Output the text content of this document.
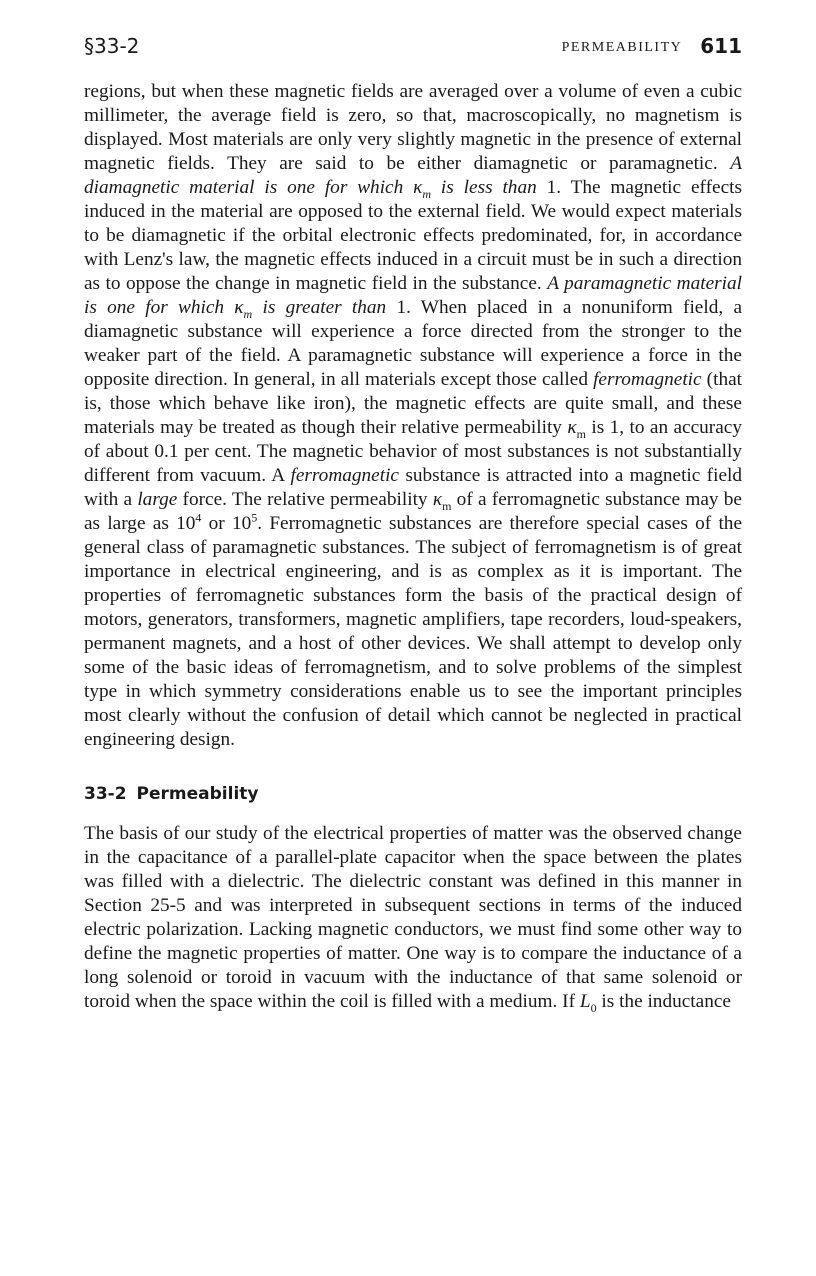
§33-2	PERMEABILITY 611

regions, but when these magnetic fields are averaged over a volume of even a cubic millimeter, the average field is zero, so that, macroscopically, no magnetism is displayed. Most materials are only very slightly magnetic in the presence of external magnetic fields. They are said to be either diamagnetic or paramagnetic. A diamagnetic material is one for which $\kappa_m$ is less than 1. The magnetic effects induced in the material are opposed to the external field. We would expect materials to be diamagnetic if the orbital electronic effects predominated, for, in accordance with Lenz's law, the magnetic effects induced in a circuit must be in such a direction as to oppose the change in magnetic field in the substance. A paramagnetic material is one for which $\kappa_m$ is greater than 1. When placed in a nonuniform field, a diamagnetic substance will experience a force directed from the stronger to the weaker part of the field. A paramagnetic substance will experience a force in the opposite direction. In general, in all materials except those called ferromagnetic (that is, those which behave like iron), the magnetic effects are quite small, and these materials may be treated as though their relative permeability $\kappa_m$ is 1, to an accuracy of about 0.1 per cent. The magnetic behavior of most substances is not substantially different from vacuum. A ferromagnetic substance is attracted into a magnetic field with a large force. The relative permeability $\kappa_m$ of a ferromagnetic substance may be as large as $10^4$ or $10^5$. Ferromagnetic substances are therefore special cases of the general class of paramagnetic substances. The subject of ferromagnetism is of great importance in electrical engineering, and is as complex as it is important. The properties of ferromagnetic substances form the basis of the practical design of motors, generators, transformers, magnetic amplifiers, tape recorders, loud-speakers, permanent magnets, and a host of other devices. We shall attempt to develop only some of the basic ideas of ferromagnetism, and to solve problems of the simplest type in which symmetry considerations enable us to see the important principles most clearly without the confusion of detail which cannot be neglected in practical engineering design.

33-2 Permeability

The basis of our study of the electrical properties of matter was the observed change in the capacitance of a parallel-plate capacitor when the space between the plates was filled with a dielectric. The dielectric constant was defined in this manner in Section 25-5 and was interpreted in subsequent sections in terms of the induced electric polarization. Lacking magnetic conductors, we must find some other way to define the magnetic properties of matter. One way is to compare the inductance of a long solenoid or toroid in vacuum with the inductance of that same solenoid or toroid when the space within the coil is filled with a medium. If $L_0$ is the inductance
